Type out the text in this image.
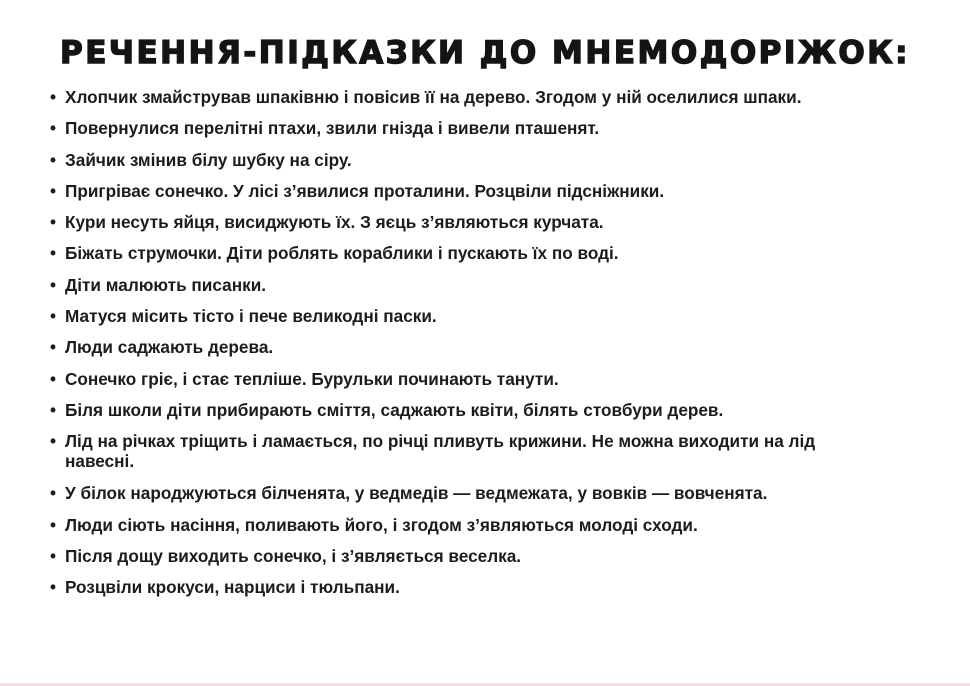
РЕЧЕННЯ-ПІДКАЗКИ ДО МНЕМОДОРІЖОК:
• Хлопчик змайстрував шпаківню і повісив її на дерево. Згодом у ній оселилися шпаки.
• Повернулися перелітні птахи, звили гнізда і вивели пташенят.
• Зайчик змінив білу шубку на сіру.
• Пригріває сонечко. У лісі з’явилися проталини. Розцвіли підсніжники.
• Кури несуть яйця, висиджують їх. З яєць з’являються курчата.
• Біжать струмочки. Діти роблять кораблики і пускають їх по воді.
• Діти малюють писанки.
• Матуся місить тісто і пече великодні паски.
• Люди саджають дерева.
• Сонечко гріє, і стає тепліше. Бурульки починають танути.
• Біля школи діти прибирають сміття, саджають квіти, білять стовбури дерев.
• Лід на річках тріщить і ламається, по річці пливуть крижини. Не можна виходити на лід навесні.
• У білок народжуються білченята, у ведмедів — ведмежата, у вовків — вовченята.
• Люди сіють насіння, поливають його, і згодом з’являються молоді сходи.
• Після дощу виходить сонечко, і з’являється веселка.
• Розцвіли крокуси, нарциси і тюльпани.
